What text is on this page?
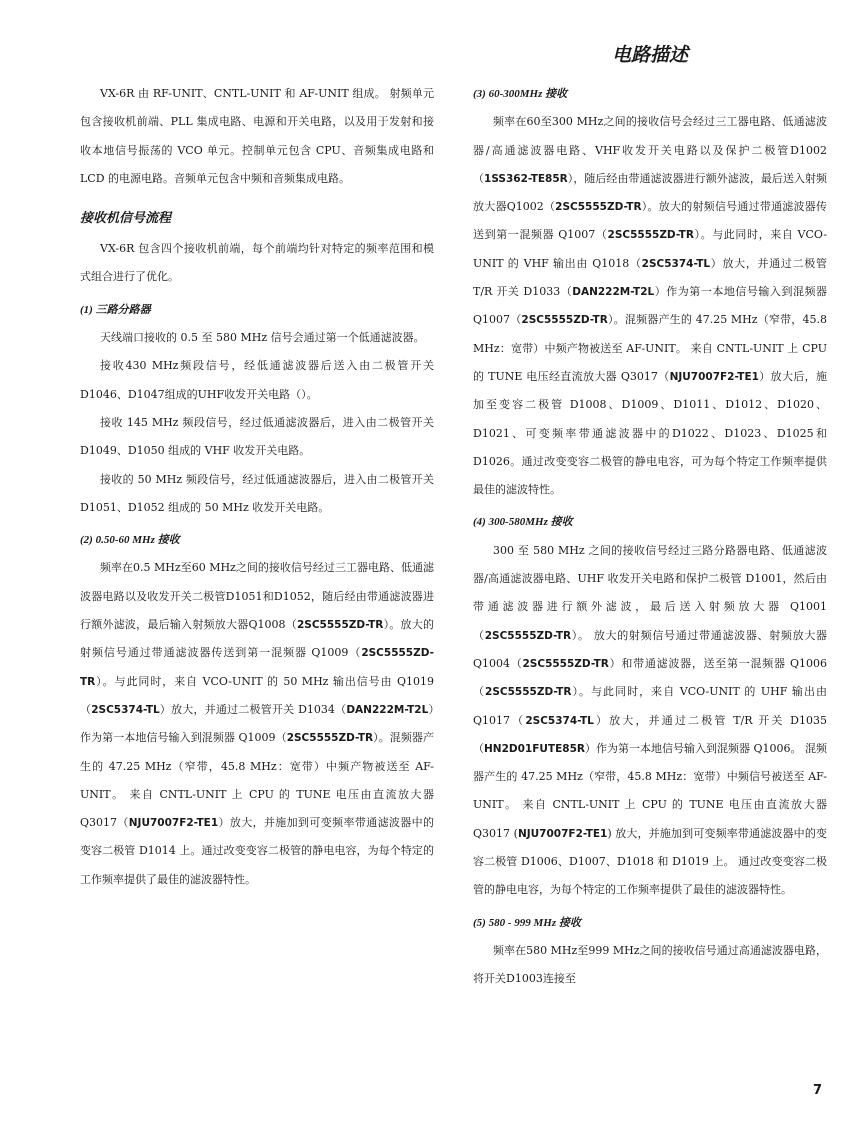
电路描述

VX-6R 由 RF-UNIT、CNTL-UNIT 和 AF-UNIT 组成。 射频单元包含接收机前端、PLL 集成电路、电源和开关电路，以及用于发射和接收本地信号振荡的 VCO 单元。控制单元包含 CPU、音频集成电路和 LCD 的电源电路。音频单元包含中频和音频集成电路。

接收机信号流程

VX-6R 包含四个接收机前端，每个前端均针对特定的频率范围和模式组合进行了优化。

(1) 三路分路器

天线端口接收的 0.5 至 580 MHz 信号会通过第一个低通滤波器。

接收430 MHz频段信号，经低通滤波器后送入由二极管开关D1046、D1047组成的UHF收发开关电路（）。

接收 145 MHz 频段信号，经过低通滤波器后，进入由二极管开关 D1049、D1050 组成的 VHF 收发开关电路。

接收的 50 MHz 频段信号，经过低通滤波器后，进入由二极管开关 D1051、D1052 组成的 50 MHz 收发开关电路。

(2) 0.50-60 MHz 接收

频率在0.5 MHz至60 MHz之间的接收信号经过三工器电路、低通滤波器电路以及收发开关二极管D1051和D1052，随后经由带通滤波器进行额外滤波，最后输入射频放大器Q1008（2SC5555ZD-TR）。放大的射频信号通过带通滤波器传送到第一混频器 Q1009（2SC5555ZD-TR）。与此同时，来自 VCO-UNIT 的 50 MHz 输出信号由 Q1019（2SC5374-TL）放大，并通过二极管开关 D1034（DAN222M-T2L）作为第一本地信号输入到混频器 Q1009（2SC5555ZD-TR）。混频器产生的 47.25 MHz（窄带，45.8 MHz：宽带）中频产物被送至 AF-UNIT。 来自 CNTL-UNIT 上 CPU 的 TUNE 电压由直流放大器 Q3017（NJU7007F2-TE1）放大，并施加到可变频率带通滤波器中的变容二极管 D1014 上。通过改变变容二极管的静电电容，为每个特定的工作频率提供了最佳的滤波器特性。

(3) 60-300MHz 接收

频率在60至300 MHz之间的接收信号会经过三工器电路、低通滤波器/高通滤波器电路、VHF收发开关电路以及保护二极管D1002（1SS362-TE85R），随后经由带通滤波器进行额外滤波，最后送入射频放大器Q1002（2SC5555ZD-TR）。放大的射频信号通过带通滤波器传送到第一混频器 Q1007（2SC5555ZD-TR）。与此同时，来自 VCO-UNIT 的 VHF 输出由 Q1018（2SC5374-TL）放大，并通过二极管 T/R 开关 D1033（DAN222M-T2L）作为第一本地信号输入到混频器 Q1007（2SC5555ZD-TR）。混频器产生的 47.25 MHz（窄带，45.8 MHz：宽带）中频产物被送至 AF-UNIT。 来自 CNTL-UNIT 上 CPU 的 TUNE 电压经直流放大器 Q3017（NJU7007F2-TE1）放大后，施加至变容二极管 D1008、D1009、D1011、D1012、D1020、D1021、可变频率带通滤波器中的D1022、D1023、D1025和D1026。通过改变变容二极管的静电电容，可为每个特定工作频率提供最佳的滤波特性。

(4) 300-580MHz 接收

300 至 580 MHz 之间的接收信号经过三路分路器电路、低通滤波器/高通滤波器电路、UHF 收发开关电路和保护二极管 D1001，然后由带通滤波器进行额外滤波，最后送入射频放大器 Q1001（2SC5555ZD-TR）。 放大的射频信号通过带通滤波器、射频放大器 Q1004（2SC5555ZD-TR）和带通滤波器，送至第一混频器 Q1006（2SC5555ZD-TR）。与此同时，来自 VCO-UNIT 的 UHF 输出由 Q1017（2SC5374-TL）放大，并通过二极管 T/R 开关 D1035（HN2D01FUTE85R）作为第一本地信号输入到混频器 Q1006。 混频器产生的 47.25 MHz（窄带，45.8 MHz：宽带）中频信号被送至 AF-UNIT。 来自 CNTL-UNIT 上 CPU 的 TUNE 电压由直流放大器 Q3017 (NJU7007F2-TE1) 放大，并施加到可变频率带通滤波器中的变容二极管 D1006、D1007、D1018 和 D1019 上。 通过改变变容二极管的静电电容，为每个特定的工作频率提供了最佳的滤波器特性。

(5) 580 - 999 MHz 接收

频率在580 MHz至999 MHz之间的接收信号通过高通滤波器电路，将开关D1003连接至

7
